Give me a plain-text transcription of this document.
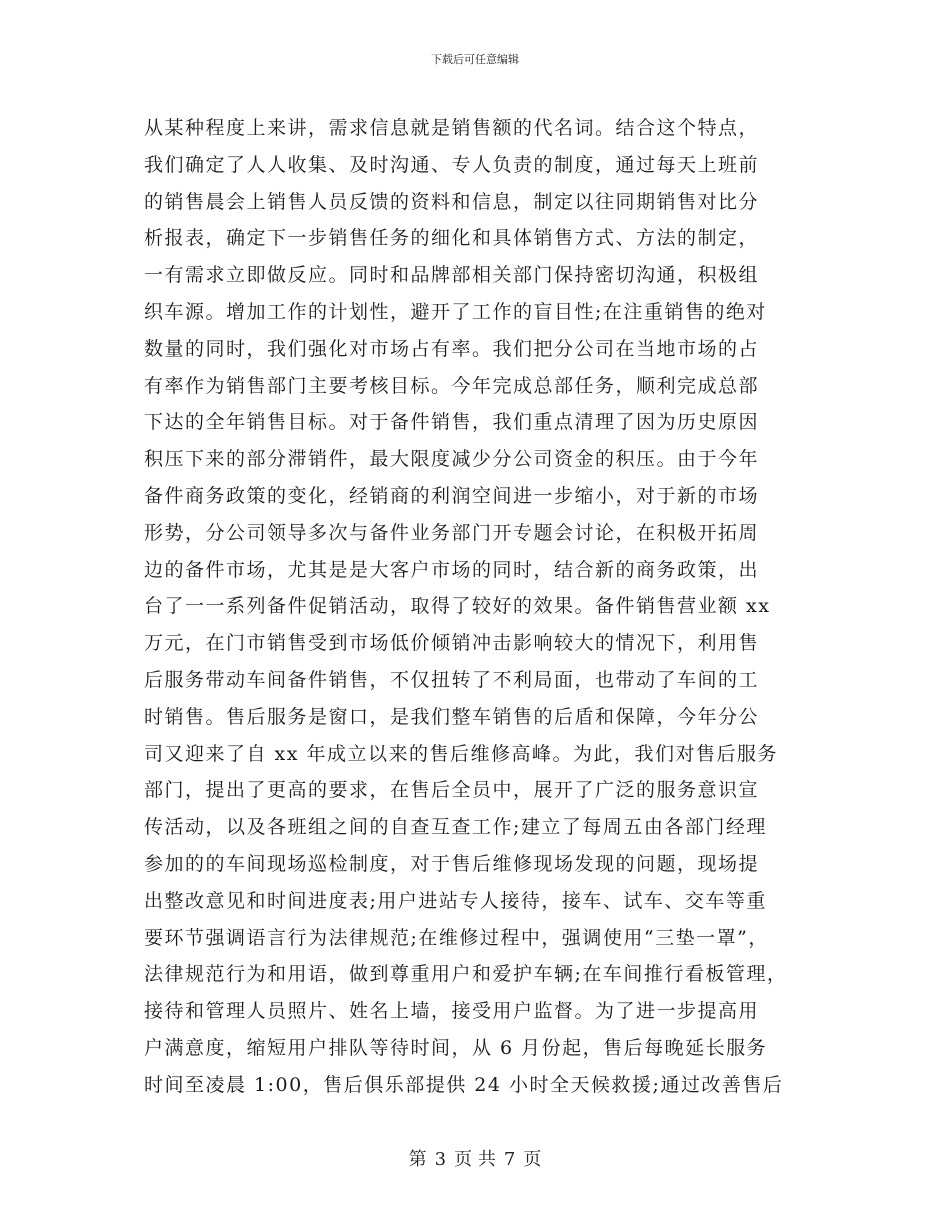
下载后可任意编辑
从某种程度上来讲，需求信息就是销售额的代名词。结合这个特点，
我们确定了人人收集、及时沟通、专人负责的制度，通过每天上班前
的销售晨会上销售人员反馈的资料和信息，制定以往同期销售对比分
析报表，确定下一步销售任务的细化和具体销售方式、方法的制定，
一有需求立即做反应。同时和品牌部相关部门保持密切沟通，积极组
织车源。增加工作的计划性，避开了工作的盲目性;在注重销售的绝对
数量的同时，我们强化对市场占有率。我们把分公司在当地市场的占
有率作为销售部门主要考核目标。今年完成总部任务，顺利完成总部
下达的全年销售目标。对于备件销售，我们重点清理了因为历史原因
积压下来的部分滞销件，最大限度减少分公司资金的积压。由于今年
备件商务政策的变化，经销商的利润空间进一步缩小，对于新的市场
形势，分公司领导多次与备件业务部门开专题会讨论，在积极开拓周
边的备件市场，尤其是是大客户市场的同时，结合新的商务政策，出
台了一一系列备件促销活动，取得了较好的效果。备件销售营业额 xx
万元，在门市销售受到市场低价倾销冲击影响较大的情况下，利用售
后服务带动车间备件销售，不仅扭转了不利局面，也带动了车间的工
时销售。售后服务是窗口，是我们整车销售的后盾和保障，今年分公
司又迎来了自 xx 年成立以来的售后维修高峰。为此，我们对售后服务
部门，提出了更高的要求，在售后全员中，展开了广泛的服务意识宣
传活动，以及各班组之间的自查互查工作;建立了每周五由各部门经理
参加的的车间现场巡检制度，对于售后维修现场发现的问题，现场提
出整改意见和时间进度表;用户进站专人接待，接车、试车、交车等重
要环节强调语言行为法律规范;在维修过程中，强调使用“三垫一罩”，
法律规范行为和用语，做到尊重用户和爱护车辆;在车间推行看板管理，
接待和管理人员照片、姓名上墙，接受用户监督。为了进一步提高用
户满意度，缩短用户排队等待时间，从 6 月份起，售后每晚延长服务
时间至凌晨 1:00，售后俱乐部提供 24 小时全天候救援;通过改善售后
第 3 页 共 7 页
